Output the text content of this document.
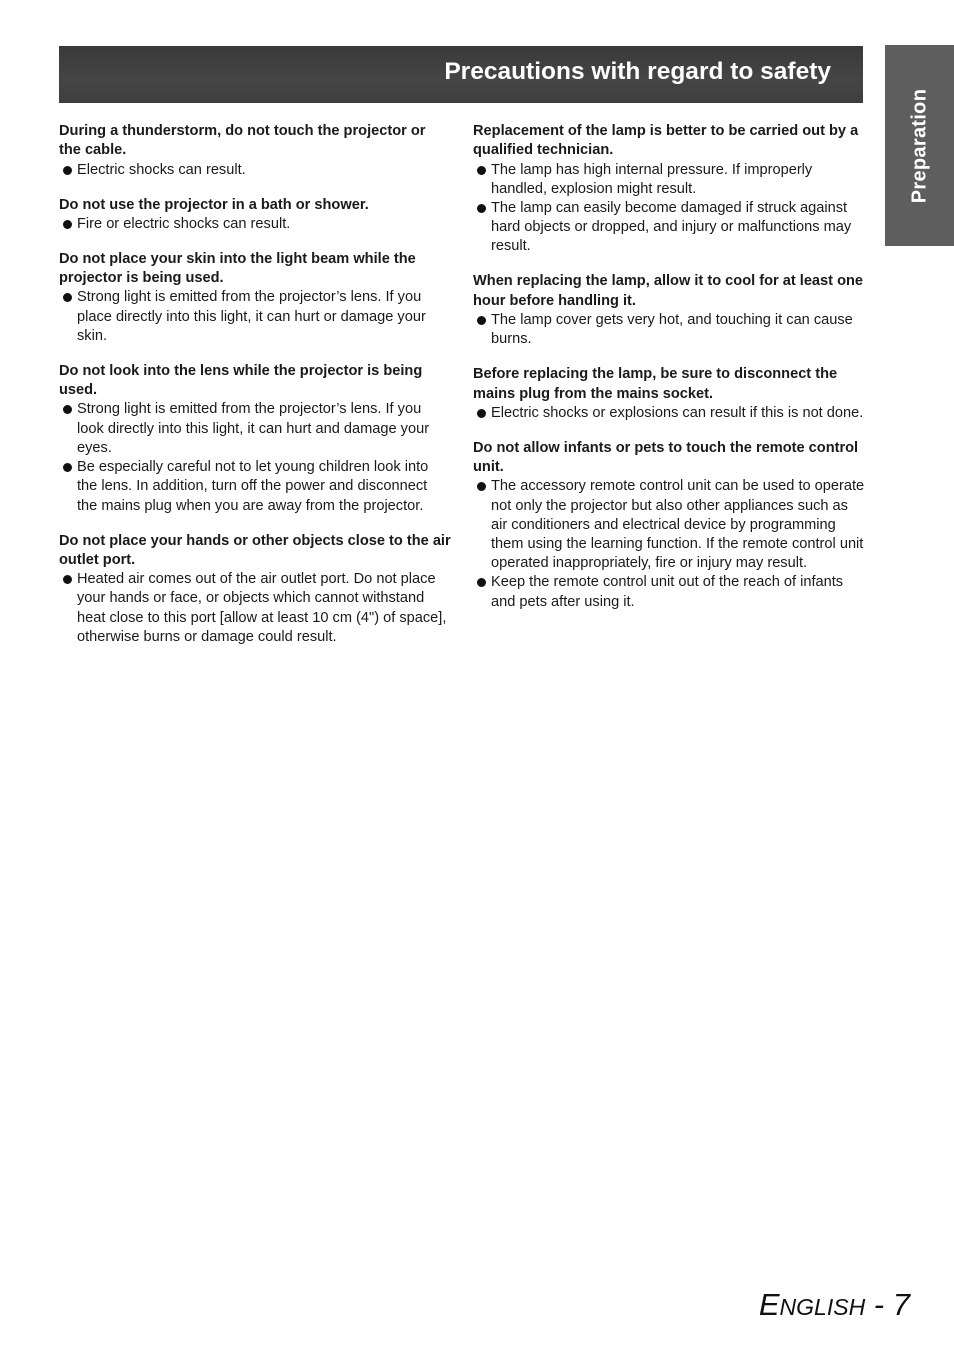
Precautions with regard to safety
Preparation

During a thunderstorm, do not touch the projector or the cable.

Electric shocks can result.

Do not use the projector in a bath or shower.

Fire or electric shocks can result.

Do not place your skin into the light beam while the projector is being used.

Strong light is emitted from the projector’s lens. If you place directly into this light, it can hurt or damage your skin.

Do not look into the lens while the projector is being used.

Strong light is emitted from the projector’s lens. If you look directly into this light, it can hurt and damage your eyes.
Be especially careful not to let young children look into the lens. In addition, turn off the power and disconnect the mains plug when you are away from the projector.

Do not place your hands or other objects close to the air outlet port.

Heated air comes out of the air outlet port. Do not place your hands or face, or objects which cannot withstand heat close to this port [allow at least 10 cm (4") of space], otherwise burns or damage could result.

Replacement of the lamp is better to be carried out by a qualified technician.

The lamp has high internal pressure. If improperly handled, explosion might result.
The lamp can easily become damaged if struck against hard objects or dropped, and injury or malfunctions may result.

When replacing the lamp, allow it to cool for at least one hour before handling it.

The lamp cover gets very hot, and touching it can cause burns.

Before replacing the lamp, be sure to disconnect the mains plug from the mains socket.

Electric shocks or explosions can result if this is not done.

Do not allow infants or pets to touch the remote control unit.

The accessory remote control unit can be used to operate not only the projector but also other appliances such as air conditioners and electrical device by programming them using the learning function. If the remote control unit operated inappropriately, fire or injury may result.
Keep the remote control unit out of the reach of infants and pets after using it.
ENGLISH - 7
